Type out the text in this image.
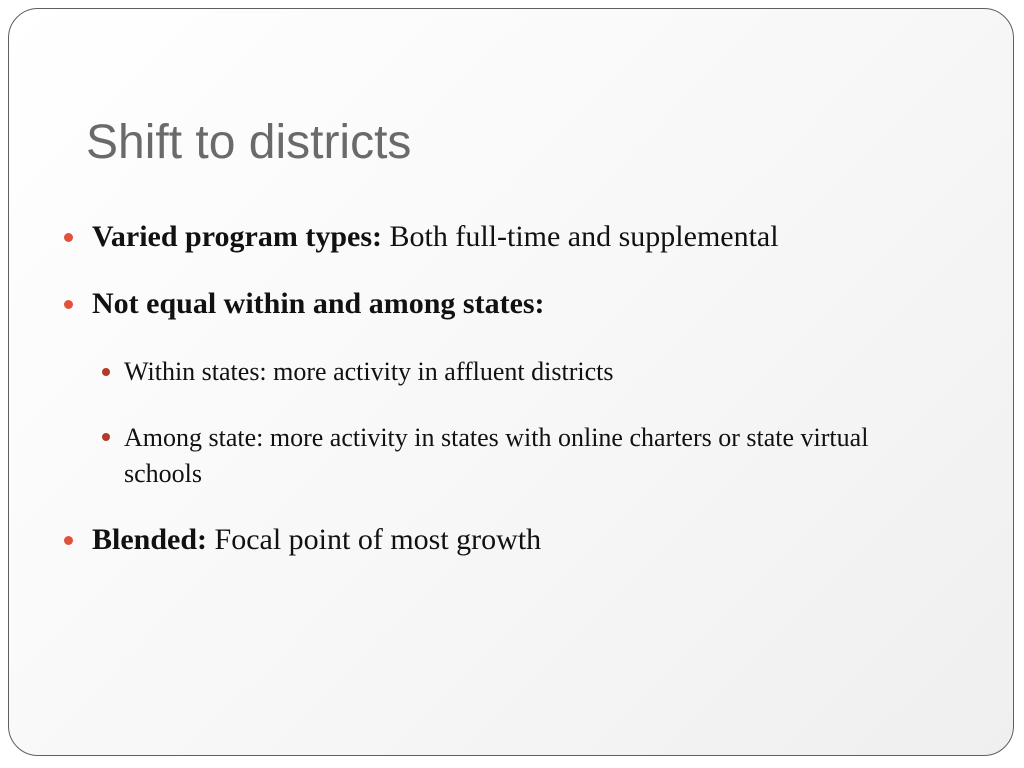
Shift to districts
Varied program types: Both full-time and supplemental
Not equal within and among states:
Within states: more activity in affluent districts
Among state: more activity in states with online charters or state virtual schools
Blended: Focal point of most growth
